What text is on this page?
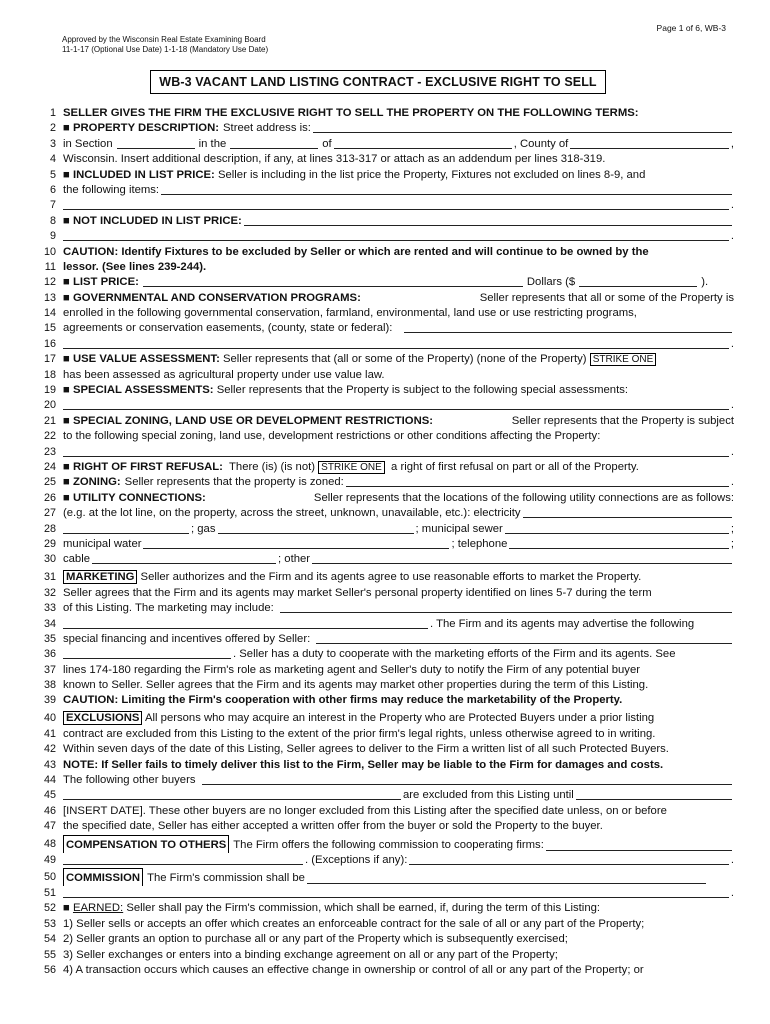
Page 1 of 6, WB-3
Approved by the Wisconsin Real Estate Examining Board
11-1-17 (Optional Use Date) 1-1-18 (Mandatory Use Date)
WB-3 VACANT LAND LISTING CONTRACT - EXCLUSIVE RIGHT TO SELL
1 SELLER GIVES THE FIRM THE EXCLUSIVE RIGHT TO SELL THE PROPERTY ON THE FOLLOWING TERMS:
2 ■ PROPERTY DESCRIPTION: Street address is:
3 in Section	in the	of	, County of	,
4 Wisconsin. Insert additional description, if any, at lines 313-317 or attach as an addendum per lines 318-319.
5 ■ INCLUDED IN LIST PRICE: Seller is including in the list price the Property, Fixtures not excluded on lines 8-9, and
6 the following items:
7	.
8 ■ NOT INCLUDED IN LIST PRICE:
9	.
10 CAUTION: Identify Fixtures to be excluded by Seller or which are rented and will continue to be owned by the
11 lessor. (See lines 239-244).
12 ■ LIST PRICE:	Dollars ($	).
13 ■ GOVERNMENTAL AND CONSERVATION PROGRAMS:	Seller represents that all or some of the Property is
14 enrolled in the following governmental conservation, farmland, environmental, land use or use restricting programs,
15 agreements or conservation easements, (county, state or federal):
16	.
17 ■ USE VALUE ASSESSMENT: Seller represents that (all or some of the Property) (none of the Property) STRIKE ONE
18 has been assessed as agricultural property under use value law.
19 ■ SPECIAL ASSESSMENTS: Seller represents that the Property is subject to the following special assessments:
20	.
21 ■ SPECIAL ZONING, LAND USE OR DEVELOPMENT RESTRICTIONS:	Seller represents that the Property is subject
22 to the following special zoning, land use, development restrictions or other conditions affecting the Property:
23	.
24 ■ RIGHT OF FIRST REFUSAL: There (is) (is not) STRIKE ONE a right of first refusal on part or all of the Property.
25 ■ ZONING: Seller represents that the property is zoned:	.
26 ■ UTILITY CONNECTIONS:	Seller represents that the locations of the following utility connections are as follows:
27 (e.g. at the lot line, on the property, across the street, unknown, unavailable, etc.): electricity
28	; gas	; municipal sewer	;
29 municipal water	; telephone	;
30 cable	; other
31 MARKETING Seller authorizes and the Firm and its agents agree to use reasonable efforts to market the Property.
32 Seller agrees that the Firm and its agents may market Seller's personal property identified on lines 5-7 during the term
33 of this Listing. The marketing may include:
34	. The Firm and its agents may advertise the following
35 special financing and incentives offered by Seller:
36	. Seller has a duty to cooperate with the marketing efforts of the Firm and its agents. See
37 lines 174-180 regarding the Firm's role as marketing agent and Seller's duty to notify the Firm of any potential buyer
38 known to Seller. Seller agrees that the Firm and its agents may market other properties during the term of this Listing.
39 CAUTION: Limiting the Firm's cooperation with other firms may reduce the marketability of the Property.
40 EXCLUSIONS All persons who may acquire an interest in the Property who are Protected Buyers under a prior listing
41 contract are excluded from this Listing to the extent of the prior firm's legal rights, unless otherwise agreed to in writing.
42 Within seven days of the date of this Listing, Seller agrees to deliver to the Firm a written list of all such Protected Buyers.
43 NOTE: If Seller fails to timely deliver this list to the Firm, Seller may be liable to the Firm for damages and costs.
44 The following other buyers
45	are excluded from this Listing until
46 [INSERT DATE]. These other buyers are no longer excluded from this Listing after the specified date unless, on or before
47 the specified date, Seller has either accepted a written offer from the buyer or sold the Property to the buyer.
48 COMPENSATION TO OTHERS The Firm offers the following commission to cooperating firms:
49	. (Exceptions if any):	.
50 COMMISSION The Firm's commission shall be
51	.
52 ■ EARNED: Seller shall pay the Firm's commission, which shall be earned, if, during the term of this Listing:
53 1) Seller sells or accepts an offer which creates an enforceable contract for the sale of all or any part of the Property;
54 2) Seller grants an option to purchase all or any part of the Property which is subsequently exercised;
55 3) Seller exchanges or enters into a binding exchange agreement on all or any part of the Property;
56 4) A transaction occurs which causes an effective change in ownership or control of all or any part of the Property; or
